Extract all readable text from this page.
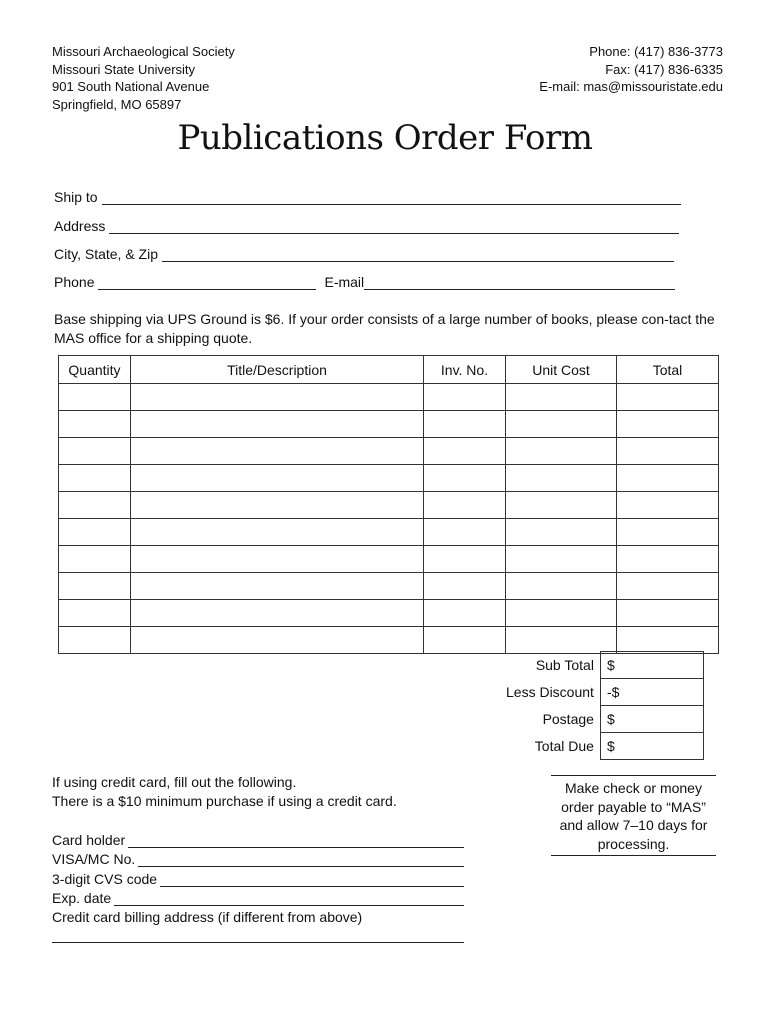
Missouri Archaeological Society
Missouri State University
901 South National Avenue
Springfield, MO 65897
Phone: (417) 836-3773
Fax: (417) 836-6335
E-mail: mas@missouristate.edu
Publications Order Form
Ship to
Address
City, State, & Zip
Phone	E-mail
Base shipping via UPS Ground is $6. If your order consists of a large number of books, please con-tact the MAS office for a shipping quote.
Quantity	Title/Description	Inv. No.	Unit Cost	Total

Sub Total	$
Less Discount	-$
Postage	$
Total Due	$
If using credit card, fill out the following.
There is a $10 minimum purchase if using a credit card.
Make check or money order payable to “MAS” and allow 7–10 days for processing.
Card holder
VISA/MC No.
3-digit CVS code
Exp. date
Credit card billing address (if different from above)
